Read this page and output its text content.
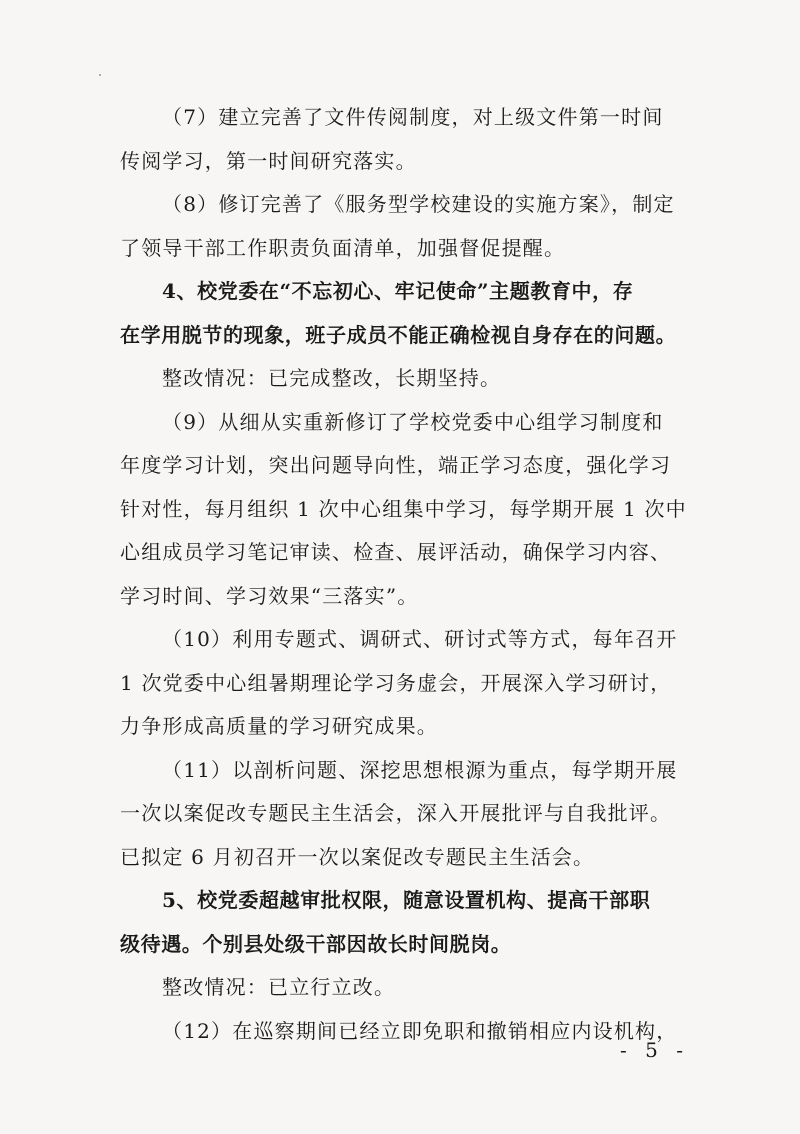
（7）建立完善了文件传阅制度，对上级文件第一时间
传阅学习，第一时间研究落实。
（8）修订完善了《服务型学校建设的实施方案》，制定
了领导干部工作职责负面清单，加强督促提醒。
4、校党委在“不忘初心、牢记使命”主题教育中，存
在学用脱节的现象，班子成员不能正确检视自身存在的问题。
整改情况：已完成整改，长期坚持。
（9）从细从实重新修订了学校党委中心组学习制度和
年度学习计划，突出问题导向性，端正学习态度，强化学习
针对性，每月组织 1 次中心组集中学习，每学期开展 1 次中
心组成员学习笔记审读、检查、展评活动，确保学习内容、
学习时间、学习效果“三落实”。
（10）利用专题式、调研式、研讨式等方式，每年召开
1 次党委中心组暑期理论学习务虚会，开展深入学习研讨，
力争形成高质量的学习研究成果。
（11）以剖析问题、深挖思想根源为重点，每学期开展
一次以案促改专题民主生活会，深入开展批评与自我批评。
已拟定 6 月初召开一次以案促改专题民主生活会。
5、校党委超越审批权限，随意设置机构、提高干部职
级待遇。个别县处级干部因故长时间脱岗。
整改情况：已立行立改。
（12）在巡察期间已经立即免职和撤销相应内设机构，
- 5 -
